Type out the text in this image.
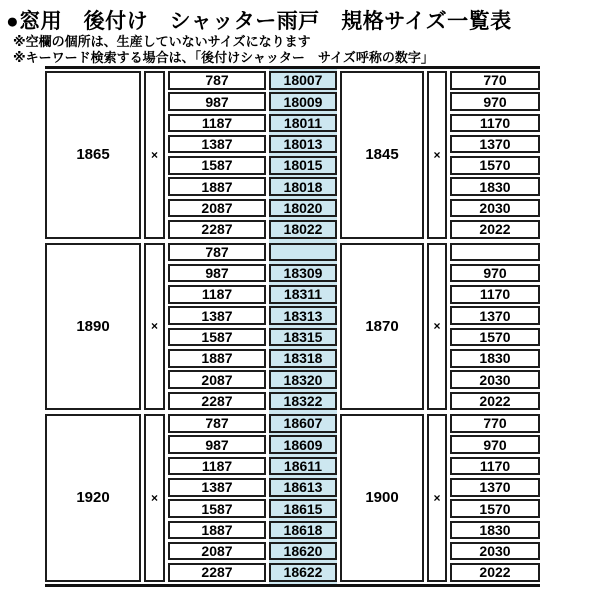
●窓用　後付け　シャッター雨戸　規格サイズ一覧表
※空欄の個所は、生産していないサイズになります
※キーワード検索する場合は、「後付けシャッター　サイズ呼称の数字」
1865	×	1845	×
787	18007	770
987	18009	970
1187	18011	1170
1387	18013	1370
1587	18015	1570
1887	18018	1830
2087	18020	2030
2287	18022	2022
1890	×	1870	×
787
987	18309	970
1187	18311	1170
1387	18313	1370
1587	18315	1570
1887	18318	1830
2087	18320	2030
2287	18322	2022
1920	×	1900	×
787	18607	770
987	18609	970
1187	18611	1170
1387	18613	1370
1587	18615	1570
1887	18618	1830
2087	18620	2030
2287	18622	2022
